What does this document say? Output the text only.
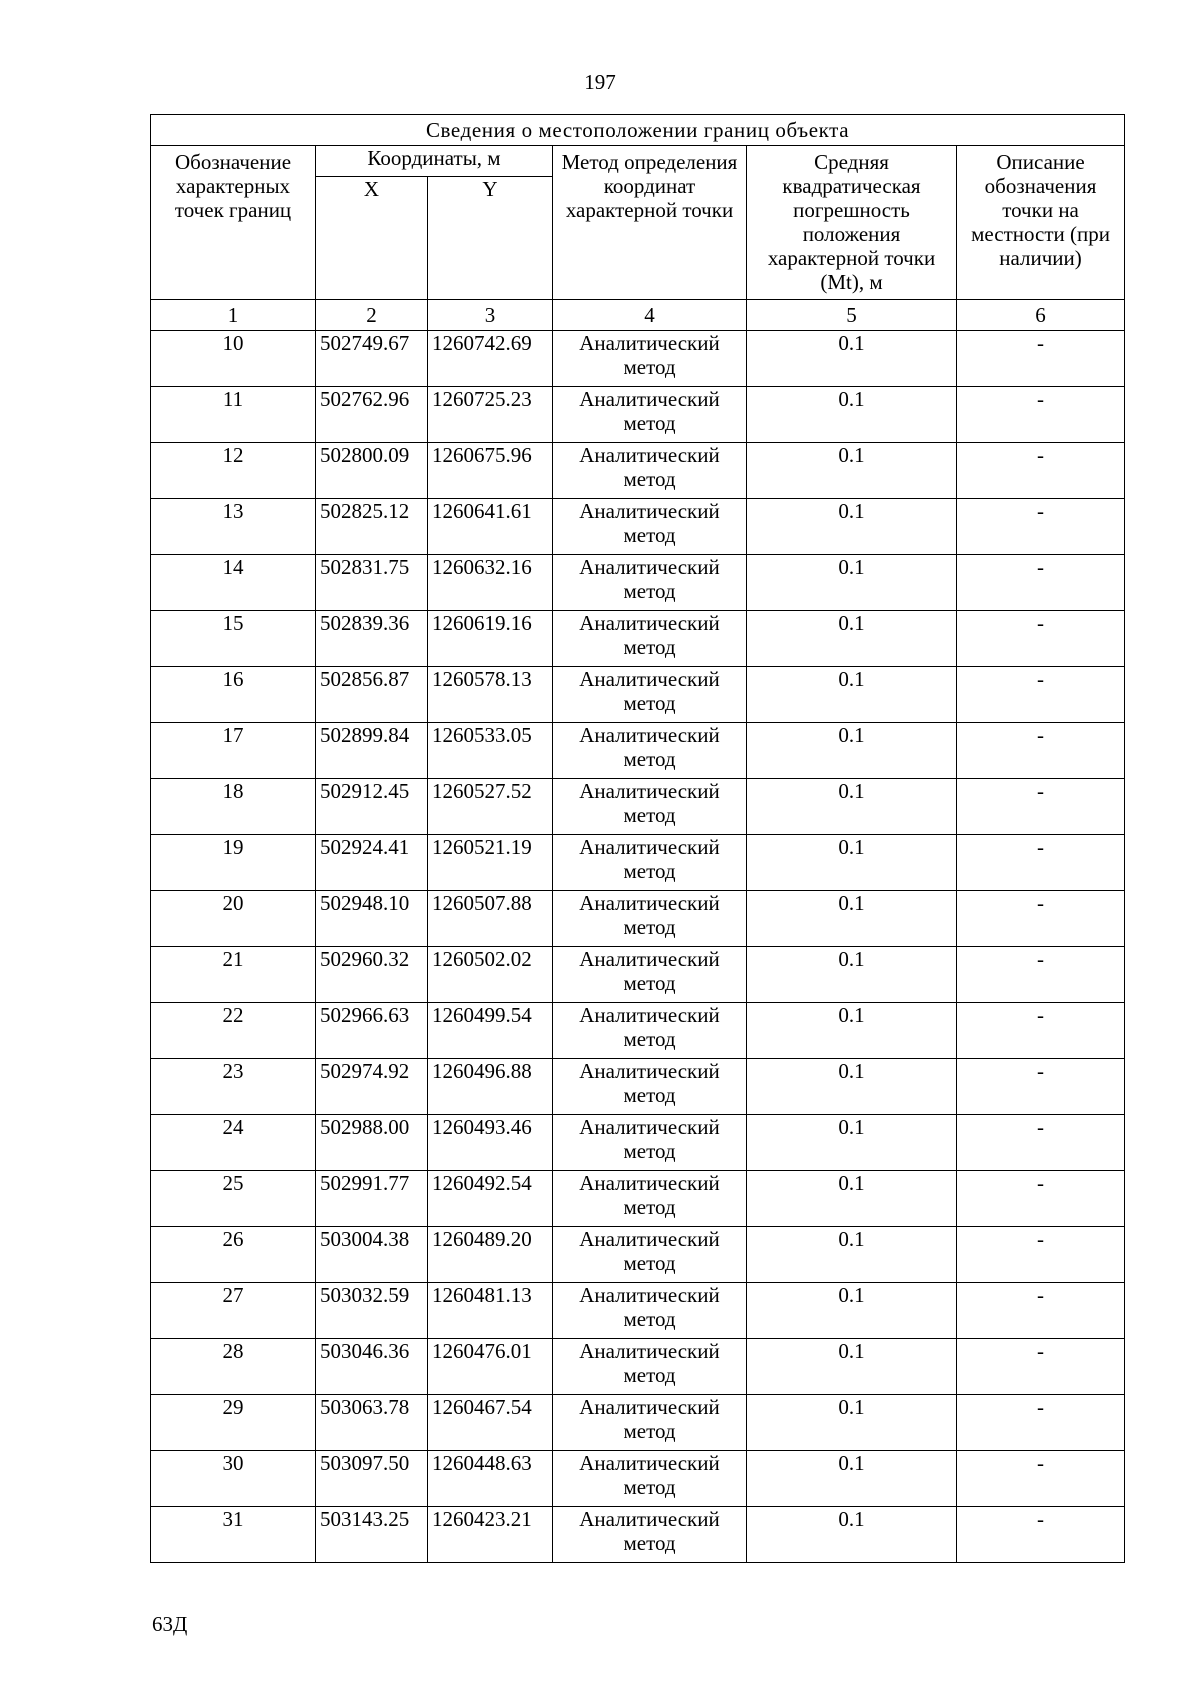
197
Сведения о местоположении границ объекта					
Обозначение характерных точек границ	Координаты, м		Метод определения координат характерной точки	Средняя квадратическая погрешность положения характерной точки (Mt), м	Описание обозначения точки на местности (при наличии)
	X	Y			
1	2	3	4	5	6
10	502749.67	1260742.69	Аналитический метод	0.1	-
11	502762.96	1260725.23	Аналитический метод	0.1	-
12	502800.09	1260675.96	Аналитический метод	0.1	-
13	502825.12	1260641.61	Аналитический метод	0.1	-
14	502831.75	1260632.16	Аналитический метод	0.1	-
15	502839.36	1260619.16	Аналитический метод	0.1	-
16	502856.87	1260578.13	Аналитический метод	0.1	-
17	502899.84	1260533.05	Аналитический метод	0.1	-
18	502912.45	1260527.52	Аналитический метод	0.1	-
19	502924.41	1260521.19	Аналитический метод	0.1	-
20	502948.10	1260507.88	Аналитический метод	0.1	-
21	502960.32	1260502.02	Аналитический метод	0.1	-
22	502966.63	1260499.54	Аналитический метод	0.1	-
23	502974.92	1260496.88	Аналитический метод	0.1	-
24	502988.00	1260493.46	Аналитический метод	0.1	-
25	502991.77	1260492.54	Аналитический метод	0.1	-
26	503004.38	1260489.20	Аналитический метод	0.1	-
27	503032.59	1260481.13	Аналитический метод	0.1	-
28	503046.36	1260476.01	Аналитический метод	0.1	-
29	503063.78	1260467.54	Аналитический метод	0.1	-
30	503097.50	1260448.63	Аналитический метод	0.1	-
31	503143.25	1260423.21	Аналитический метод	0.1	-
63Д
